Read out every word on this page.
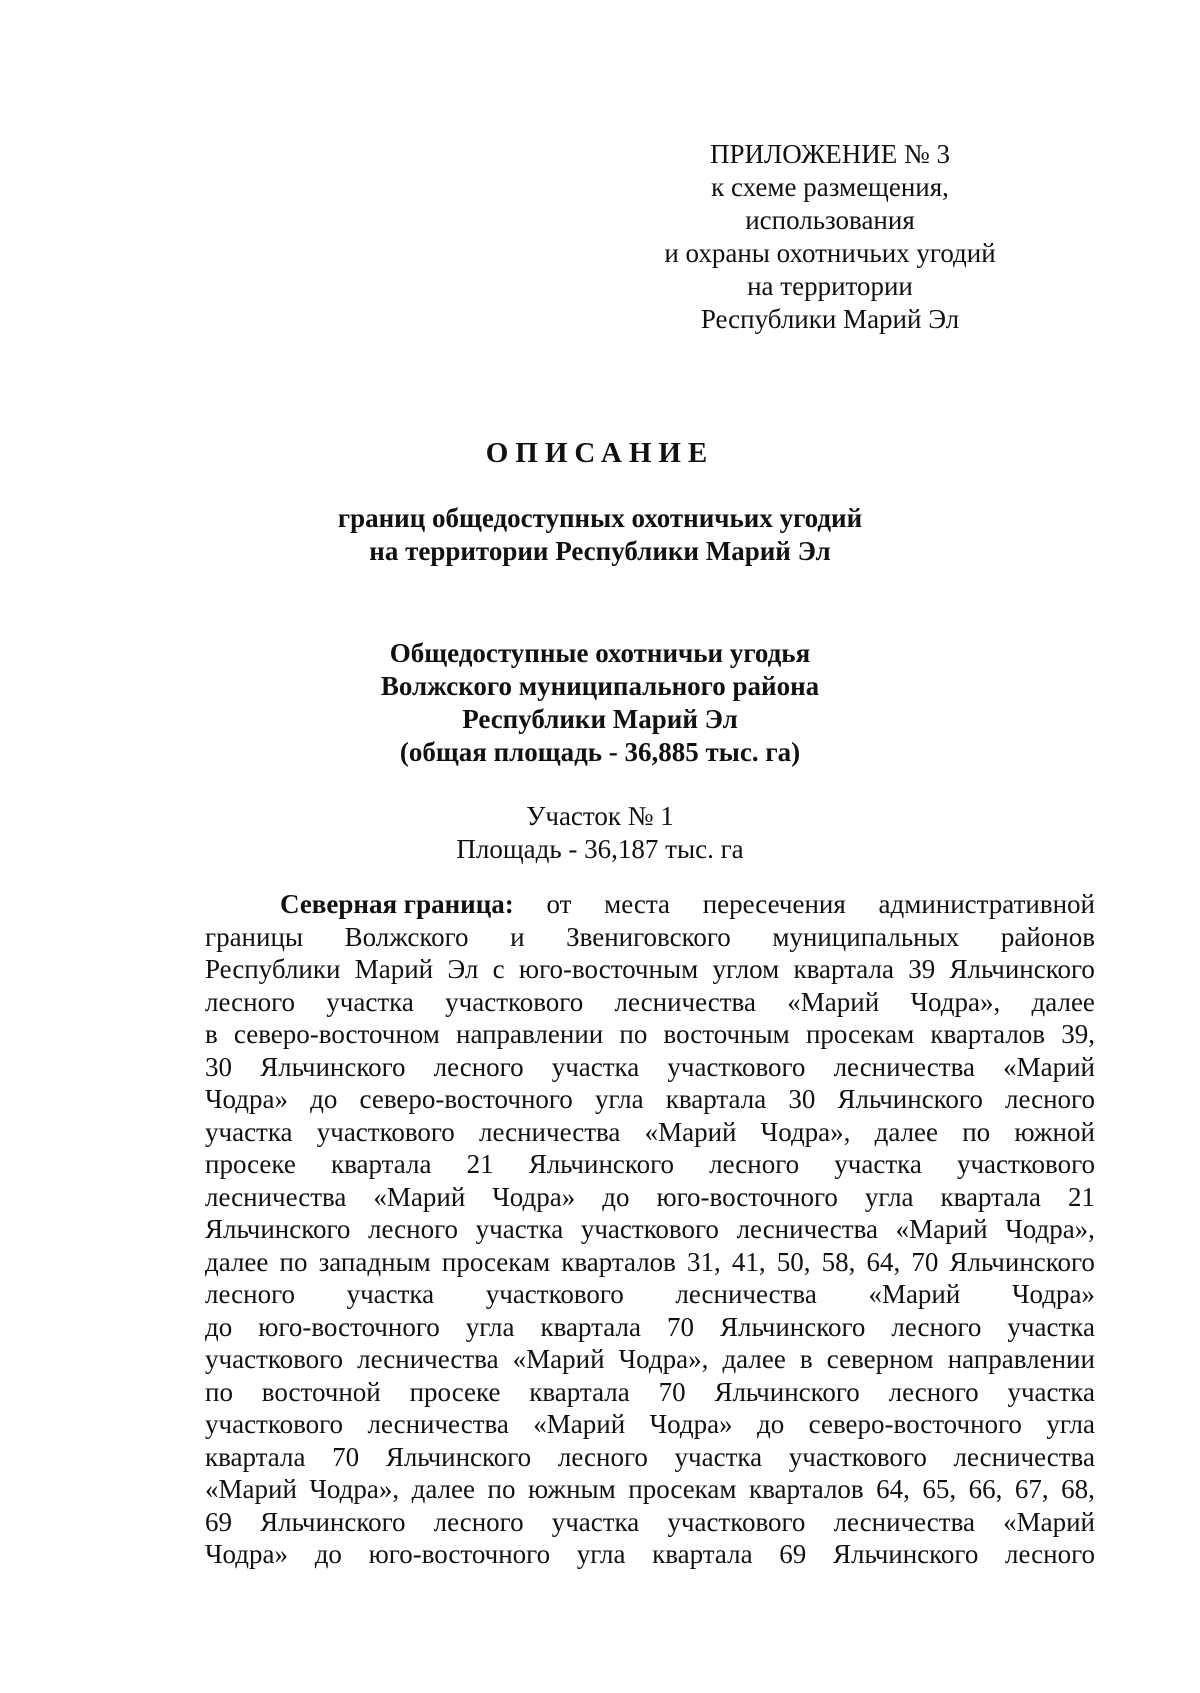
ПРИЛОЖЕНИЕ № 3
к схеме размещения,
использования
и охраны охотничьих угодий
на территории
Республики Марий Эл
ОПИСАНИЕ
границ общедоступных охотничьих угодий
на территории Республики Марий Эл
Общедоступные охотничьи угодья
Волжского муниципального района
Республики Марий Эл
(общая площадь - 36,885 тыс. га)
Участок № 1
Площадь - 36,187 тыс. га
Северная граница: от места пересечения административной
границы Волжского и Звениговского муниципальных районов
Республики Марий Эл с юго-восточным углом квартала 39 Яльчинского
лесного участка участкового лесничества «Марий Чодра», далее
в северо-восточном направлении по восточным просекам кварталов 39,
30 Яльчинского лесного участка участкового лесничества «Марий
Чодра» до северо-восточного угла квартала 30 Яльчинского лесного
участка участкового лесничества «Марий Чодра», далее по южной
просеке квартала 21 Яльчинского лесного участка участкового
лесничества «Марий Чодра» до юго-восточного угла квартала 21
Яльчинского лесного участка участкового лесничества «Марий Чодра»,
далее по западным просекам кварталов 31, 41, 50, 58, 64, 70 Яльчинского
лесного участка участкового лесничества «Марий Чодра»
до юго-восточного угла квартала 70 Яльчинского лесного участка
участкового лесничества «Марий Чодра», далее в северном направлении
по восточной просеке квартала 70 Яльчинского лесного участка
участкового лесничества «Марий Чодра» до северо-восточного угла
квартала 70 Яльчинского лесного участка участкового лесничества
«Марий Чодра», далее по южным просекам кварталов 64, 65, 66, 67, 68,
69 Яльчинского лесного участка участкового лесничества «Марий
Чодра» до юго-восточного угла квартала 69 Яльчинского лесного
